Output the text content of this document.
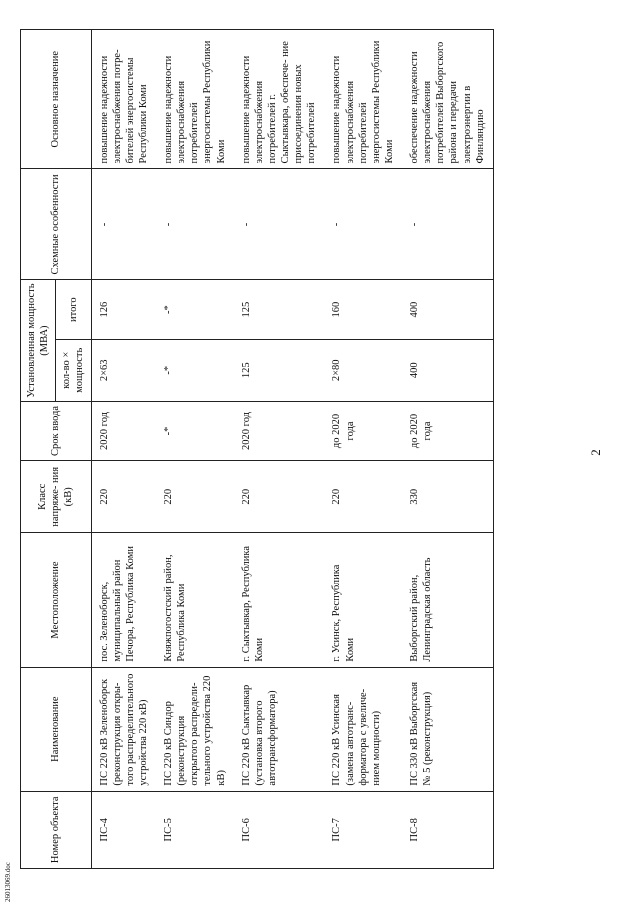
2
26013069.doc
Номер объекта	Наименование	Местоположение	Класс напряже- ния (кВ)	Срок ввода	Установленная мощность (МВА)		Схемные особенности	Основное назначение
					кол-во × мощность	итого		
ПС-4	ПС 220 кВ Зеленоборск (реконструкция откры- того распределительного устройства 220 кВ)	пос. Зеленоборск, муниципальный район Печора, Республика Коми	220	2020 год	2×63	126	-	повышение надежности электроснабжения потре- бителей энергосистемы Республики Коми
ПС-5	ПС 220 кВ Синдор (реконструкция открытого распредели- тельного устройства 220 кВ)	Княжпогостский район, Республика Коми	220	-*	-*	-*	-	повышение надежности электроснабжения потребителей энергосистемы Республики Коми
ПС-6	ПС 220 кВ Сыктывкар (установка второго автотрансформатора)	г. Сыктывкар, Республика Коми	220	2020 год	125	125	-	повышение надежности электроснабжения потребителей г. Сыктывкара, обеспече- ние присоединения новых потребителей
ПС-7	ПС 220 кВ Усинская (замена автотранс- форматора с увеличе- нием мощности)	г. Усинск, Республика Коми	220	до 2020 года	2×80	160	-	повышение надежности электроснабжения потребителей энергосистемы Республики Коми
ПС-8	ПС 330 кВ Выборгская № 5 (реконструкция)	Выборгский район, Ленинградская область	330	до 2020 года	400	400	-	обеспечение надежности электроснабжения потребителей Выборгского района и передачи электроэнергии в Финляндию
